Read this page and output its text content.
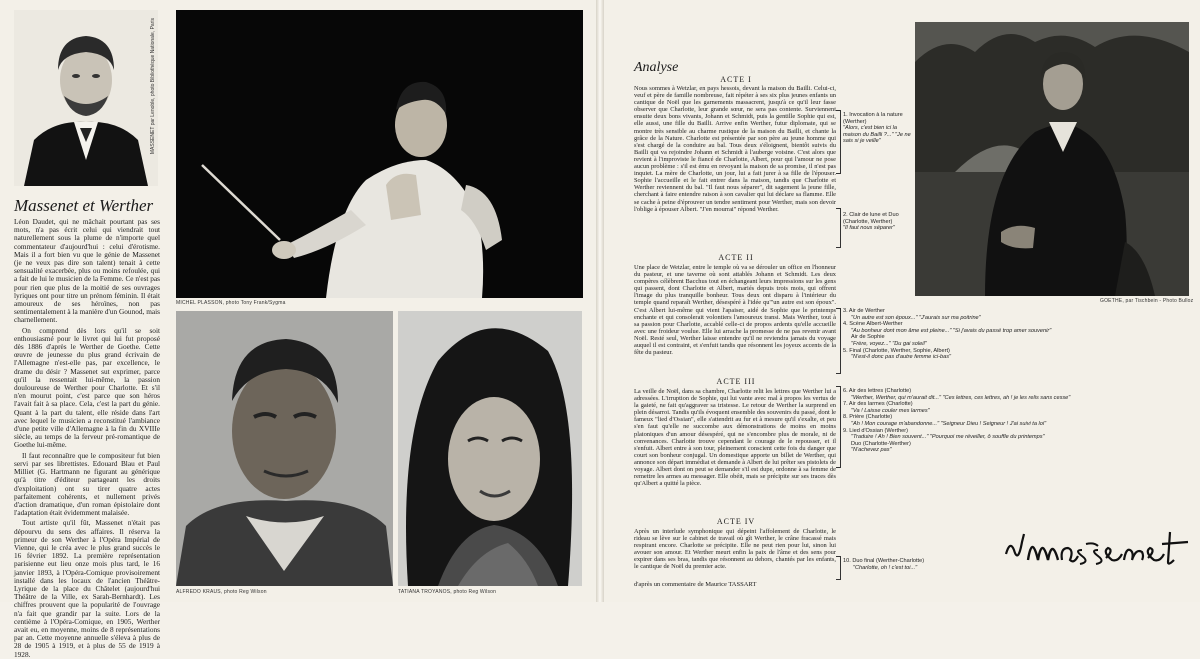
MASSENET par Lenoble, photo Bibliothèque Nationale, Paris
Massenet et Werther

Léon Daudet, qui ne mâchait pourtant pas ses mots, n'a pas écrit celui qui viendrait tout naturellement sous la plume de n'importe quel commentateur d'aujourd'hui : celui d'érotisme. Mais il a fort bien vu que le génie de Massenet (je ne veux pas dire son talent) tenait à cette sensualité exacerbée, plus ou moins refoulée, qui a fait de lui le musicien de la Femme. Ce n'est pas pour rien que plus de la moitié de ses ouvrages lyriques ont pour titre un prénom féminin. Il était amoureux de ses héroïnes, non pas sentimentalement à la manière d'un Gounod, mais charnellement.

On comprend dès lors qu'il se soit enthousiasmé pour le livret qui lui fut proposé dès 1886 d'après le Werther de Goethe. Cette œuvre de jeunesse du plus grand écrivain de l'Allemagne n'est-elle pas, par excellence, le drame du désir ? Massenet sut exprimer, parce qu'il la ressentait lui-même, la passion douloureuse de Werther pour Charlotte. Et s'il n'en mourut point, c'est parce que son héros l'avait fait à sa place. Cela, c'est la part du génie. Quant à la part du talent, elle réside dans l'art avec lequel le musicien a reconstitué l'ambiance d'une petite ville d'Allemagne à la fin du XVIIIe siècle, au temps de la ferveur pré-romantique de Goethe lui-même.

Il faut reconnaître que le compositeur fut bien servi par ses librettistes. Edouard Blau et Paul Milliet (G. Hartmann ne figurant au générique qu'à titre d'éditeur partageant les droits d'exploitation) ont su tirer quatre actes parfaitement cohérents, et nullement privés d'action dramatique, d'un roman épistolaire dont l'adaptation était évidemment malaisée.

Tout artiste qu'il fût, Massenet n'était pas dépourvu du sens des affaires. Il réserva la primeur de son Werther à l'Opéra Impérial de Vienne, qui le créa avec le plus grand succès le 16 février 1892. La première représentation parisienne eut lieu onze mois plus tard, le 16 janvier 1893, à l'Opéra-Comique provisoirement installé dans les locaux de l'ancien Théâtre-Lyrique de la place du Châtelet (aujourd'hui Théâtre de la Ville, ex Sarah-Bernhardt). Les chiffres prouvent que la popularité de l'ouvrage n'a fait que grandir par la suite. Lors de la centième à l'Opéra-Comique, en 1905, Werther avait eu, en moyenne, moins de 8 représentations par an. Cette moyenne annuelle s'éleva à plus de 28 de 1905 à 1919, et à plus de 55 de 1919 à 1928.

MICHEL PLASSON, photo Tony Frank/Sygma
ALFREDO KRAUS, photo Reg Wilson	TATIANA TROYANOS, photo Reg Wilson
Analyse
ACTE I

Nous sommes à Wetzlar, en pays hessois, devant la maison du Bailli. Celui-ci, veuf et père de famille nombreuse, fait répéter à ses six plus jeunes enfants un cantique de Noël que les garnements massacrent, jusqu'à ce qu'il leur fasse observer que Charlotte, leur grande sœur, ne sera pas contente. Surviennent ensuite deux bons vivants, Johann et Schmidt, puis la gentille Sophie qui est, elle aussi, une fille du Bailli. Arrive enfin Werther, futur diplomate, qui se montre très sensible au charme rustique de la maison du Bailli, et chante la grâce de la Nature. Charlotte est présentée par son père au jeune homme qui s'est chargé de la conduire au bal. Tous deux s'éloignent, bientôt suivis du Bailli qui va rejoindre Johann et Schmidt à l'auberge voisine. C'est alors que revient à l'improviste le fiancé de Charlotte, Albert, pour qui l'amour ne pose aucun problème : s'il est ému en revoyant la maison de sa promise, il n'est pas inquiet. La mère de Charlotte, un jour, lui a fait jurer à sa fille de l'épouser. Sophie l'accueille et le fait entrer dans la maison, tandis que Charlotte et Werther reviennent du bal. "Il faut nous séparer", dit sagement la jeune fille, cherchant à faire entendre raison à son cavalier qui lui déclare sa flamme. Elle se cache à peine d'éprouver un tendre sentiment pour Werther, mais son devoir l'oblige à épouser Albert. "J'en mourrai" répond Werther.

ACTE II

Une place de Wetzlar, entre le temple où va se dérouler un office en l'honneur du pasteur, et une taverne où sont attablés Johann et Schmidt. Les deux compères célèbrent Bacchus tout en échangeant leurs impressions sur les gens qui passent, dont Charlotte et Albert, mariés depuis trois mois, qui offrent l'image du plus tranquille bonheur. Tous deux ont disparu à l'intérieur du temple quand reparaît Werther, désespéré à l'idée qu'"un autre est son époux". C'est Albert lui-même qui vient l'apaiser, aidé de Sophie que le printemps enchante et qui consolerait volontiers l'amoureux transi. Mais Werther, tout à sa passion pour Charlotte, accablé celle-ci de propos ardents qu'elle accueille avec une froideur voulue. Elle lui arrache la promesse de ne pas revenir avant Noël. Resté seul, Werther laisse entendre qu'il ne reviendra jamais du voyage auquel il est contraint, et s'enfuit tandis que résonnent les joyeux accents de la fête du pasteur.

ACTE III

La veille de Noël, dans sa chambre, Charlotte relit les lettres que Werther lui a adressées. L'irruption de Sophie, qui lui vante avec mal à propos les vertus de la gaieté, ne fait qu'aggraver sa tristesse. Le retour de Werther la surprend en plein désarroi. Tandis qu'ils évoquent ensemble des souvenirs du passé, dont le fameux "lied d'Ossian", elle s'attendrit au fur et à mesure qu'il s'exalte, et peu s'en faut qu'elle ne succombe aux démonstrations de moins en moins platoniques d'un amour désespéré, qui ne s'encombre plus de morale, ni de convenances. Charlotte trouve cependant le courage de le repousser, et il s'enfuit. Albert entre à son tour, pleinement conscient cette fois du danger que court son bonheur conjugal. Un domestique apporte un billet de Werther, qui annonce son départ immédiat et demande à Albert de lui prêter ses pistolets de voyage. Albert dont on peut se demander s'il est dupe, ordonne à sa femme de remettre les armes au messager. Elle obéit, mais se précipite sur ses traces dès qu'Albert a quitté la pièce.

ACTE IV

Après un interlude symphonique qui dépeint l'affolement de Charlotte, le rideau se lève sur le cabinet de travail où gît Werther, le crâne fracassé mais respirant encore. Charlotte se précipite. Elle ne peut rien pour lui, sinon lui avouer son amour. Et Werther meurt enfin la paix de l'âme et des sens pour expirer dans ses bras, tandis que résonnent au dehors, chantés par les enfants, le cantique de Noël du premier acte.

d'après un commentaire de Maurice TASSART
1. Invocation à la nature (Werther)
"Alors, c'est bien ici la maison du Bailli ?..." "Je ne sais si je veille"
2. Clair de lune et Duo (Charlotte, Werther)
"Il faut nous séparer"
3. Air de Werther
"Un autre est son époux..." "J'aurais sur ma poitrine"
4. Scène Albert-Werther
"Au bonheur dont mon âme est pleine..." "Si j'avais du passé trop amer souvenir"
Air de Sophie
"Frère, voyez..." "Du gai soleil"
5. Final (Charlotte, Werther, Sophie, Albert)
"N'est-il donc pas d'autre femme ici-bas"
6. Air des lettres (Charlotte)
"Werther, Werther, qui m'aurait dit..." "Ces lettres, ces lettres, ah ! je les relis sans cesse"
7. Air des larmes (Charlotte)
"Va ! Laisse couler mes larmes"
8. Prière (Charlotte)
"Ah ! Mon courage m'abandonne..." "Seigneur Dieu ! Seigneur ! J'ai suivi ta loi"
9. Lied d'Ossian (Werther)
"Traduire ! Ah ! Bien souvent..." "Pourquoi me réveiller, ô souffle du printemps"
Duo (Charlotte-Werther)
"N'achevez pas"
10. Duo final (Werther-Charlotte)
"Charlotte, oh ! c'est toi..."
GOETHE, par Tischbein - Photo Bulloz
